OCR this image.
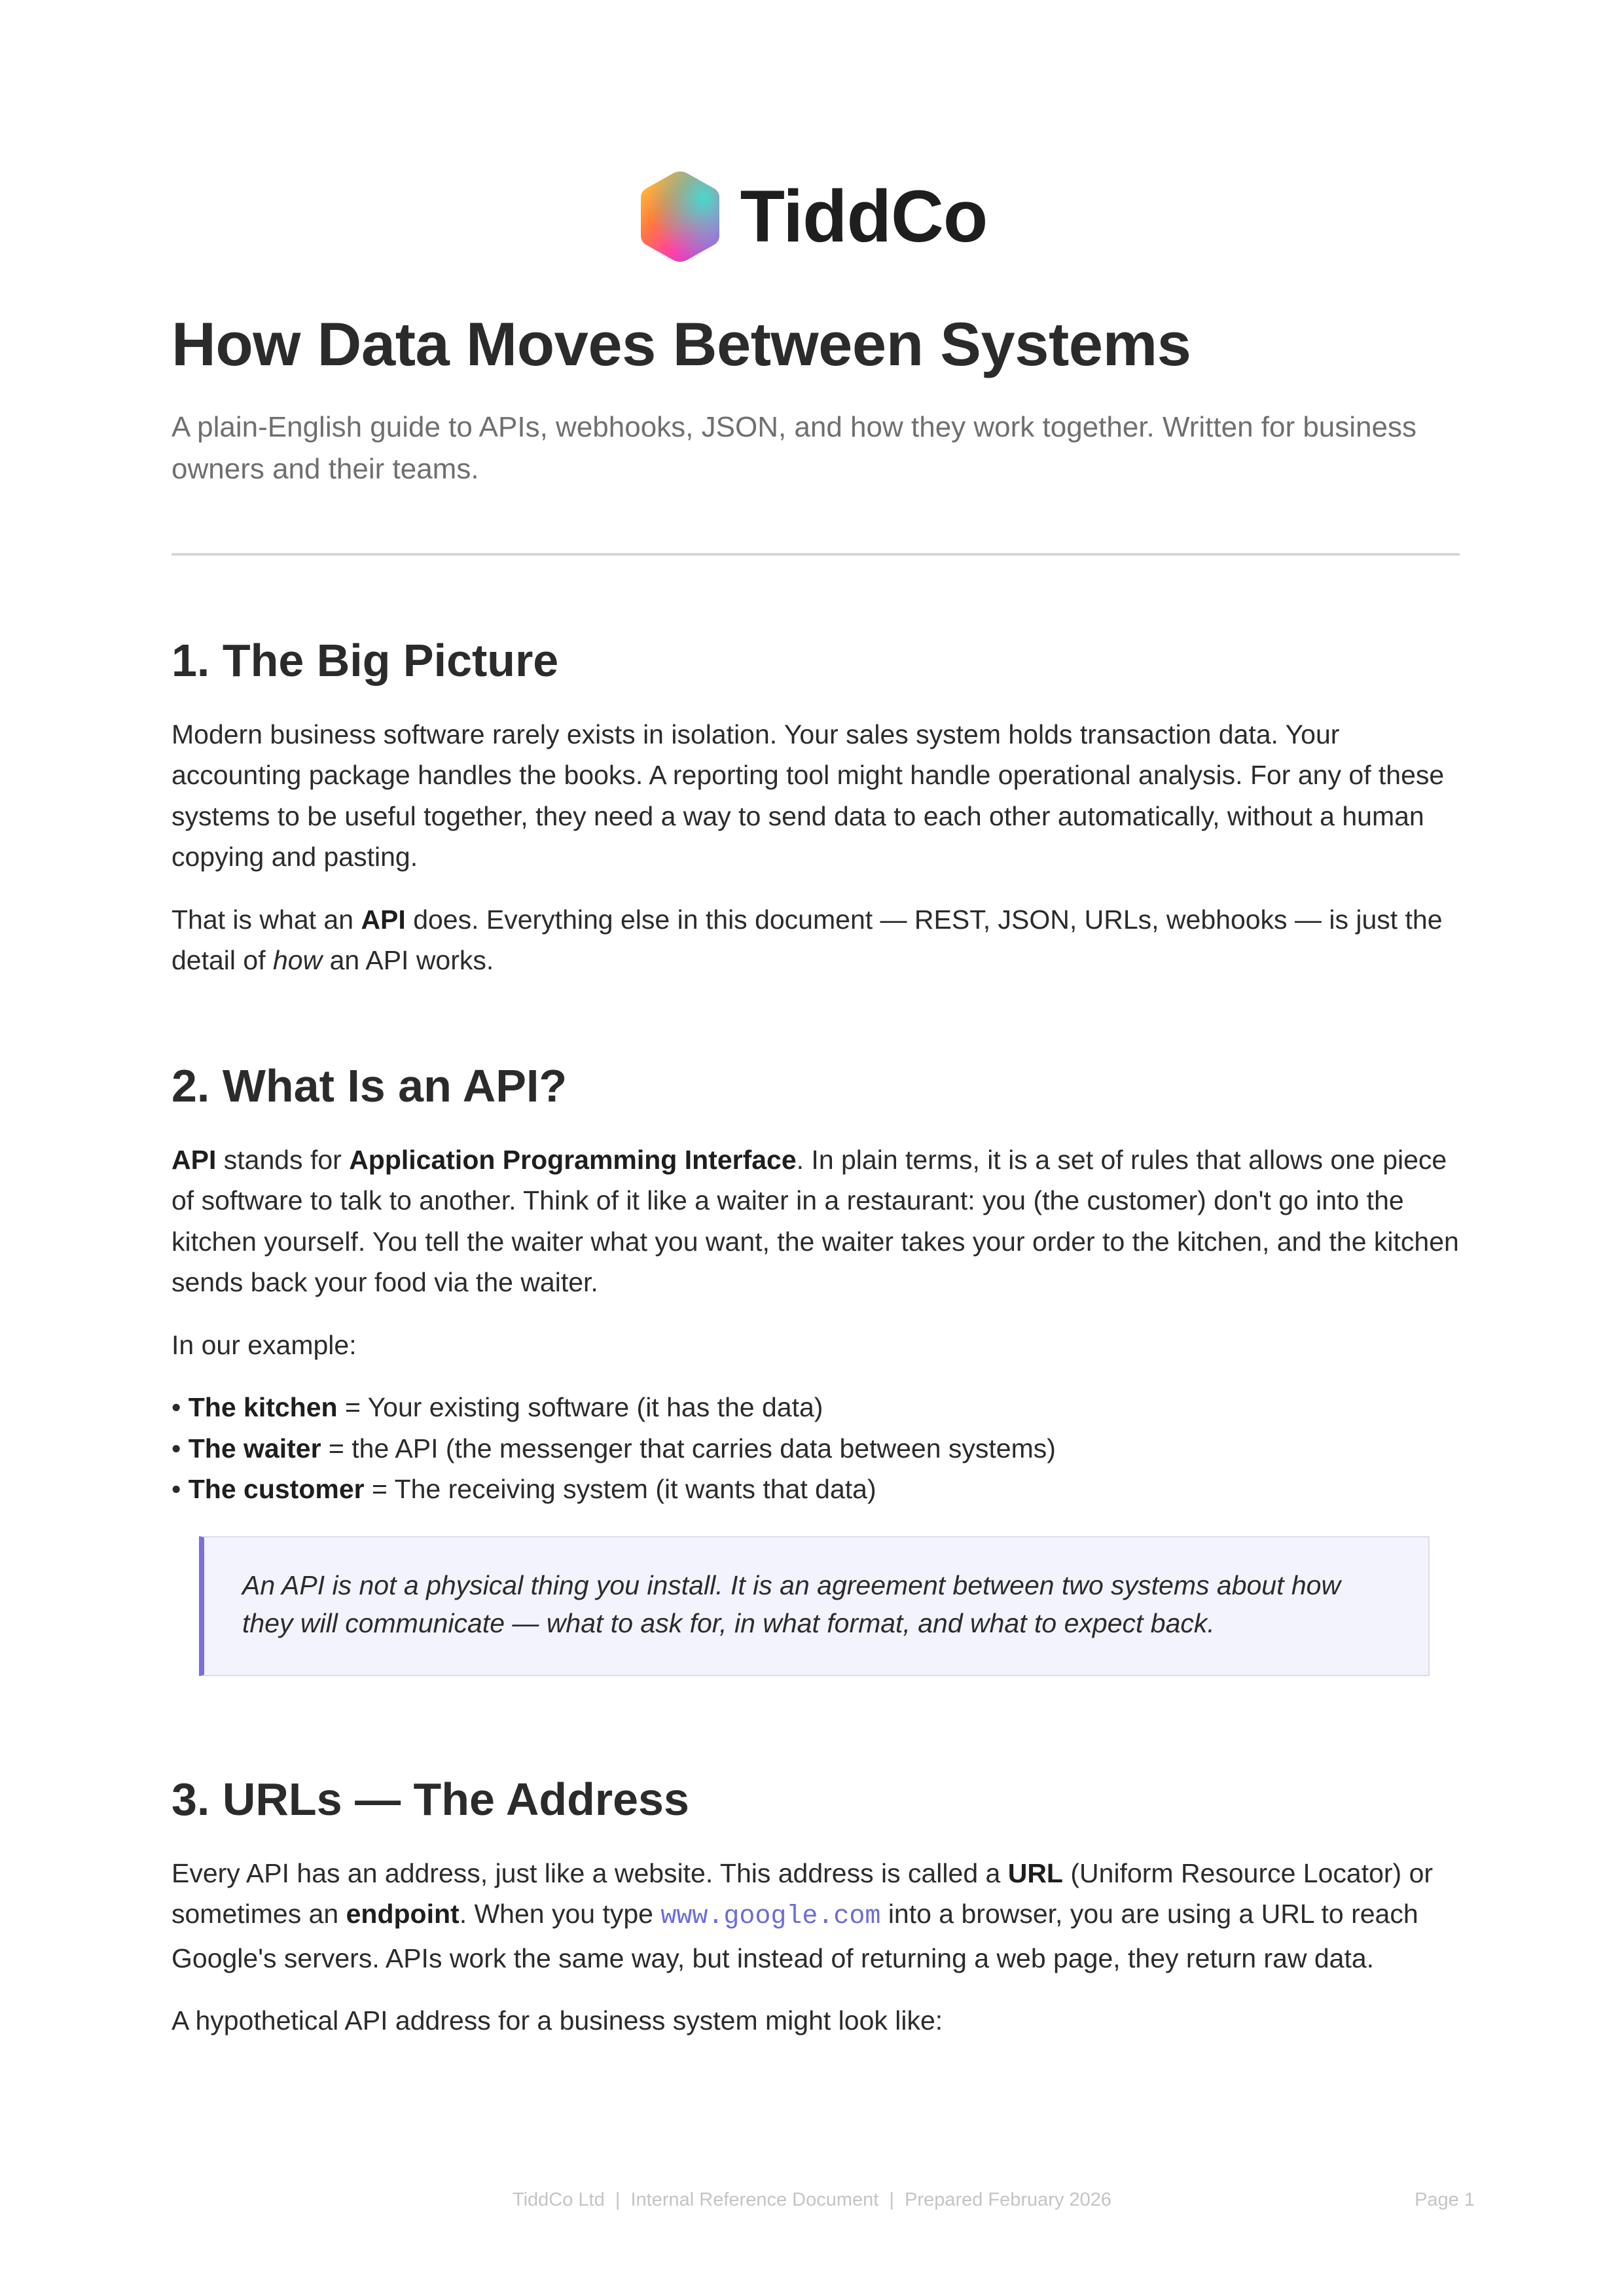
TiddCo
How Data Moves Between Systems

A plain-English guide to APIs, webhooks, JSON, and how they work together. Written for business owners and their teams.

1. The Big Picture

Modern business software rarely exists in isolation. Your sales system holds transaction data. Your accounting package handles the books. A reporting tool might handle operational analysis. For any of these systems to be useful together, they need a way to send data to each other automatically, without a human copying and pasting.

That is what an API does. Everything else in this document — REST, JSON, URLs, webhooks — is just the detail of how an API works.

2. What Is an API?

API stands for Application Programming Interface. In plain terms, it is a set of rules that allows one piece of software to talk to another. Think of it like a waiter in a restaurant: you (the customer) don't go into the kitchen yourself. You tell the waiter what you want, the waiter takes your order to the kitchen, and the kitchen sends back your food via the waiter.

In our example:

• The kitchen = Your existing software (it has the data)
• The waiter = the API (the messenger that carries data between systems)
• The customer = The receiving system (it wants that data)
An API is not a physical thing you install. It is an agreement between two systems about how they will communicate — what to ask for, in what format, and what to expect back.
3. URLs — The Address

Every API has an address, just like a website. This address is called a URL (Uniform Resource Locator) or sometimes an endpoint. When you type www.google.com into a browser, you are using a URL to reach Google's servers. APIs work the same way, but instead of returning a web page, they return raw data.

A hypothetical API address for a business system might look like:

TiddCo Ltd  |  Internal Reference Document  |  Prepared February 2026	Page 1
